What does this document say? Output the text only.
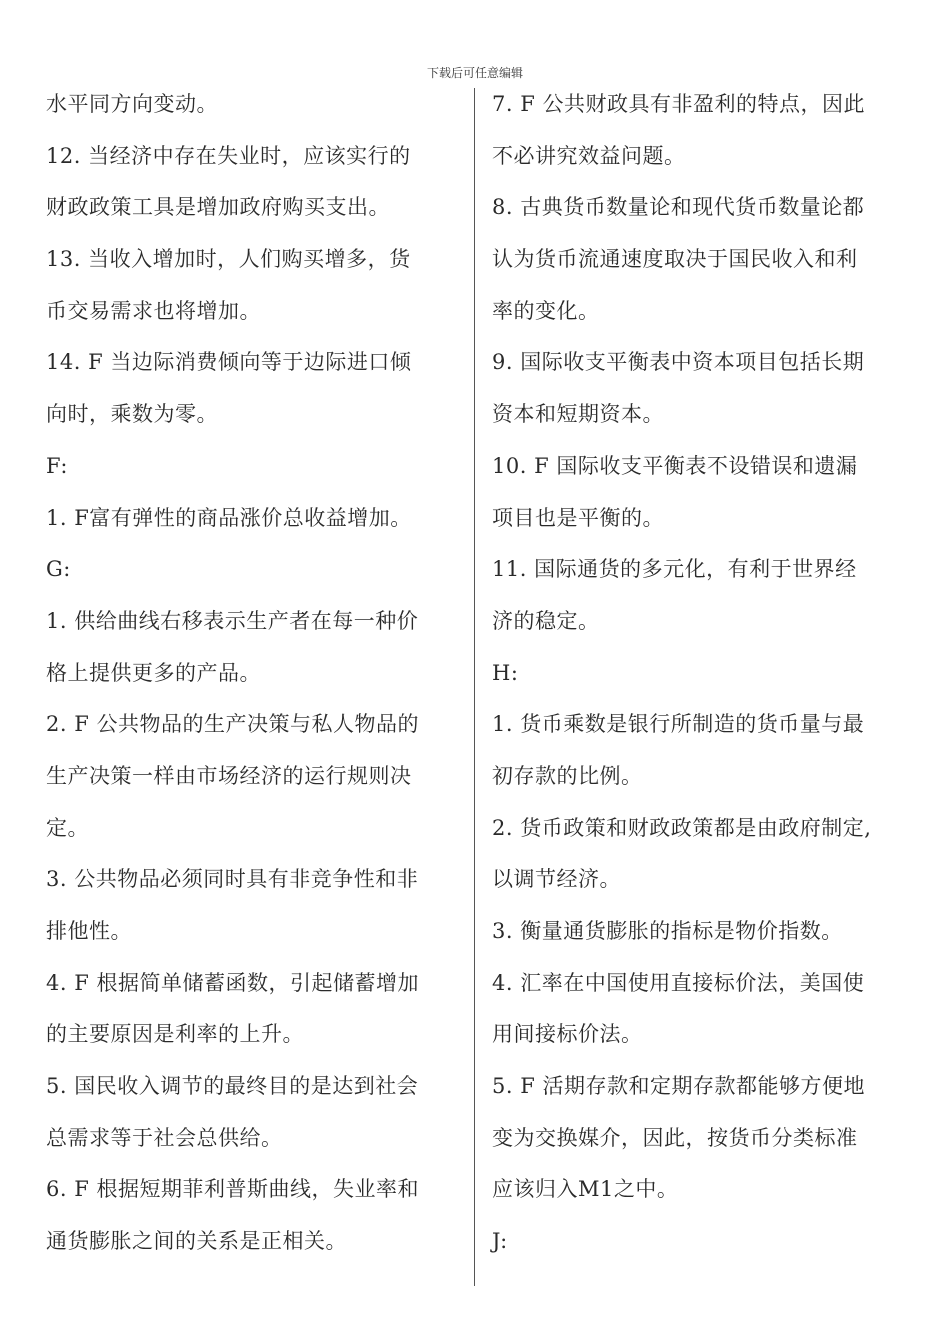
下载后可任意编辑
水平同方向变动。
12. 当经济中存在失业时，应该实行的
财政政策工具是增加政府购买支出。
13. 当收入增加时，人们购买增多，货
币交易需求也将增加。
14. F 当边际消费倾向等于边际进口倾
向时，乘数为零。
F:
1. F富有弹性的商品涨价总收益增加。
G:
1. 供给曲线右移表示生产者在每一种价
格上提供更多的产品。
2. F 公共物品的生产决策与私人物品的
生产决策一样由市场经济的运行规则决
定。
3. 公共物品必须同时具有非竞争性和非
排他性。
4. F 根据简单储蓄函数，引起储蓄增加
的主要原因是利率的上升。
5. 国民收入调节的最终目的是达到社会
总需求等于社会总供给。
6. F 根据短期菲利普斯曲线，失业率和
通货膨胀之间的关系是正相关。
7. F 公共财政具有非盈利的特点，因此
不必讲究效益问题。
8. 古典货币数量论和现代货币数量论都
认为货币流通速度取决于国民收入和利
率的变化。
9. 国际收支平衡表中资本项目包括长期
资本和短期资本。
10. F 国际收支平衡表不设错误和遗漏
项目也是平衡的。
11. 国际通货的多元化，有利于世界经
济的稳定。
H:
1. 货币乘数是银行所制造的货币量与最
初存款的比例。
2. 货币政策和财政政策都是由政府制定,
以调节经济。
3. 衡量通货膨胀的指标是物价指数。
4. 汇率在中国使用直接标价法，美国使
用间接标价法。
5. F 活期存款和定期存款都能够方便地
变为交换媒介，因此，按货币分类标准
应该归入M1之中。
J:
